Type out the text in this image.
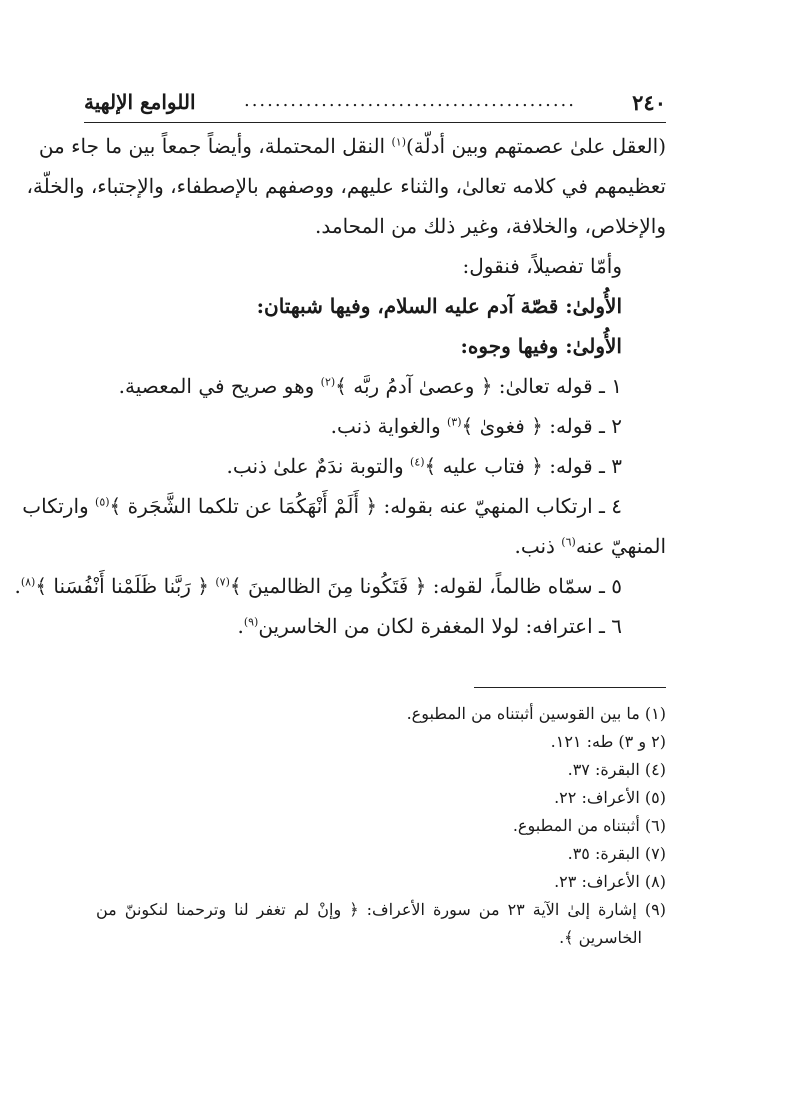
٢٤٠
...........................................
اللوامع الإلهية
(العقل علىٰ عصمتهم وبين أدلّة)$^{(١)}$ النقل المحتملة، وأيضاً جمعاً بين ما جاء من
تعظيمهم في كلامه تعالىٰ، والثناء عليهم، ووصفهم بالإصطفاء، والإجتباء، والخلّة،
والإخلاص، والخلافة، وغير ذلك من المحامد.
وأمّا تفصيلاً، فنقول:
الأُولىٰ: قصّة آدم عليه السلام، وفيها شبهتان:
الأُولىٰ: وفيها وجوه:
١ ـ قوله تعالىٰ: ﴿ وعصىٰ آدمُ ربَّه ﴾$^{(٢)}$ وهو صريح في المعصية.
٢ ـ قوله: ﴿ فغوىٰ ﴾$^{(٣)}$ والغواية ذنب.
٣ ـ قوله: ﴿ فتاب عليه ﴾$^{(٤)}$ والتوبة ندَمٌ علىٰ ذنب.
٤ ـ ارتكاب المنهيّ عنه بقوله: ﴿ أَلَمْ أَنْهَكُمَا عن تلكما الشَّجَرة ﴾$^{(٥)}$ وارتكاب
المنهيّ عنه$^{(٦)}$ ذنب.
٥ ـ سمّاه ظالماً، لقوله: ﴿ فَتَكُونا مِنَ الظالمينَ ﴾$^{(٧)}$ ﴿ رَبَّنا ظَلَمْنا أَنْفُسَنا ﴾$^{(٨)}$.
٦ ـ اعترافه: لولا المغفرة لكان من الخاسرين$^{(٩)}$.
(١) ما بين القوسين أثبتناه من المطبوع.
(٢ و ٣) طه: ١٢١.
(٤) البقرة: ٣٧.
(٥) الأعراف: ٢٢.
(٦) أثبتناه من المطبوع.
(٧) البقرة: ٣٥.
(٨) الأعراف: ٢٣.
(٩) إشارة إلىٰ الآية ٢٣ من سورة الأعراف: ﴿ وإنْ لم تغفر لنا وترحمنا لنكوننّ من
الخاسرين ﴾.
